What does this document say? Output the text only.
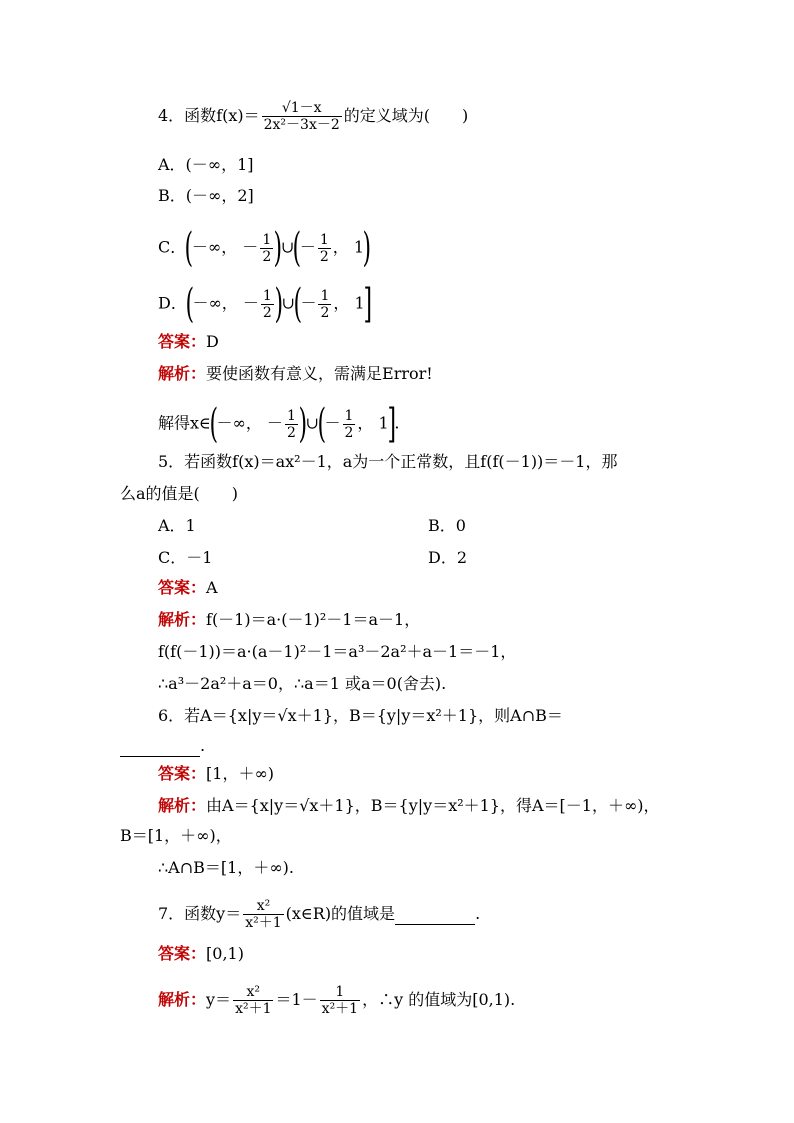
4．函数$f(x)= \frac{√1-x}{\text{2x²－3x－2}}$ 的定义域为(　　)
A．(－∞，1]
B．(－∞，2]
C．(－∞， － $\frac{1}{2}$ )∪(－ $\frac{1}{2}$ ， 1)
D．(－∞， － $\frac{1}{2}$ )∪(－ $\frac{1}{2}$ ， 1]
答案：D
解析：要使函数有意义，需满足Error!
解得x∈(－∞， － $\frac{1}{2}$ )∪(－ $\frac{1}{2}$ ， 1].
5．若函数f(x)＝ax²－1，a为一个正常数，且f(f(－1))＝－1，那
么a的值是(　　)
A．1	B．0
C．－1	D．2
答案：A
解析：f(－1)＝a·(－1)²－1＝a－1，
f(f(－1))＝a·(a－1)²－1＝a³－2a²＋a－1＝－1，
∴a³－2a²＋a＝0，∴a＝1 或a＝0(舍去).
6．若A＝{x|y＝√x＋1}，B＝{y|y＝x²＋1}，则A∩B＝
.
答案：[1，＋∞)
解析：由A＝{x|y＝√x＋1}，B＝{y|y＝x²＋1}，得A＝[－1，＋∞)，
B＝[1，＋∞)，
∴A∩B＝[1，＋∞).
7．函数$y= \frac{\text{x²}}{\text{x²＋1}}$ (x∈R)的值域是	.
答案：[0,1)
解析：$y= \frac{\text{x²}}{\text{x²＋1}} =1- \frac{1}{\text{x²＋1}}$ ，∴y 的值域为[0,1).
